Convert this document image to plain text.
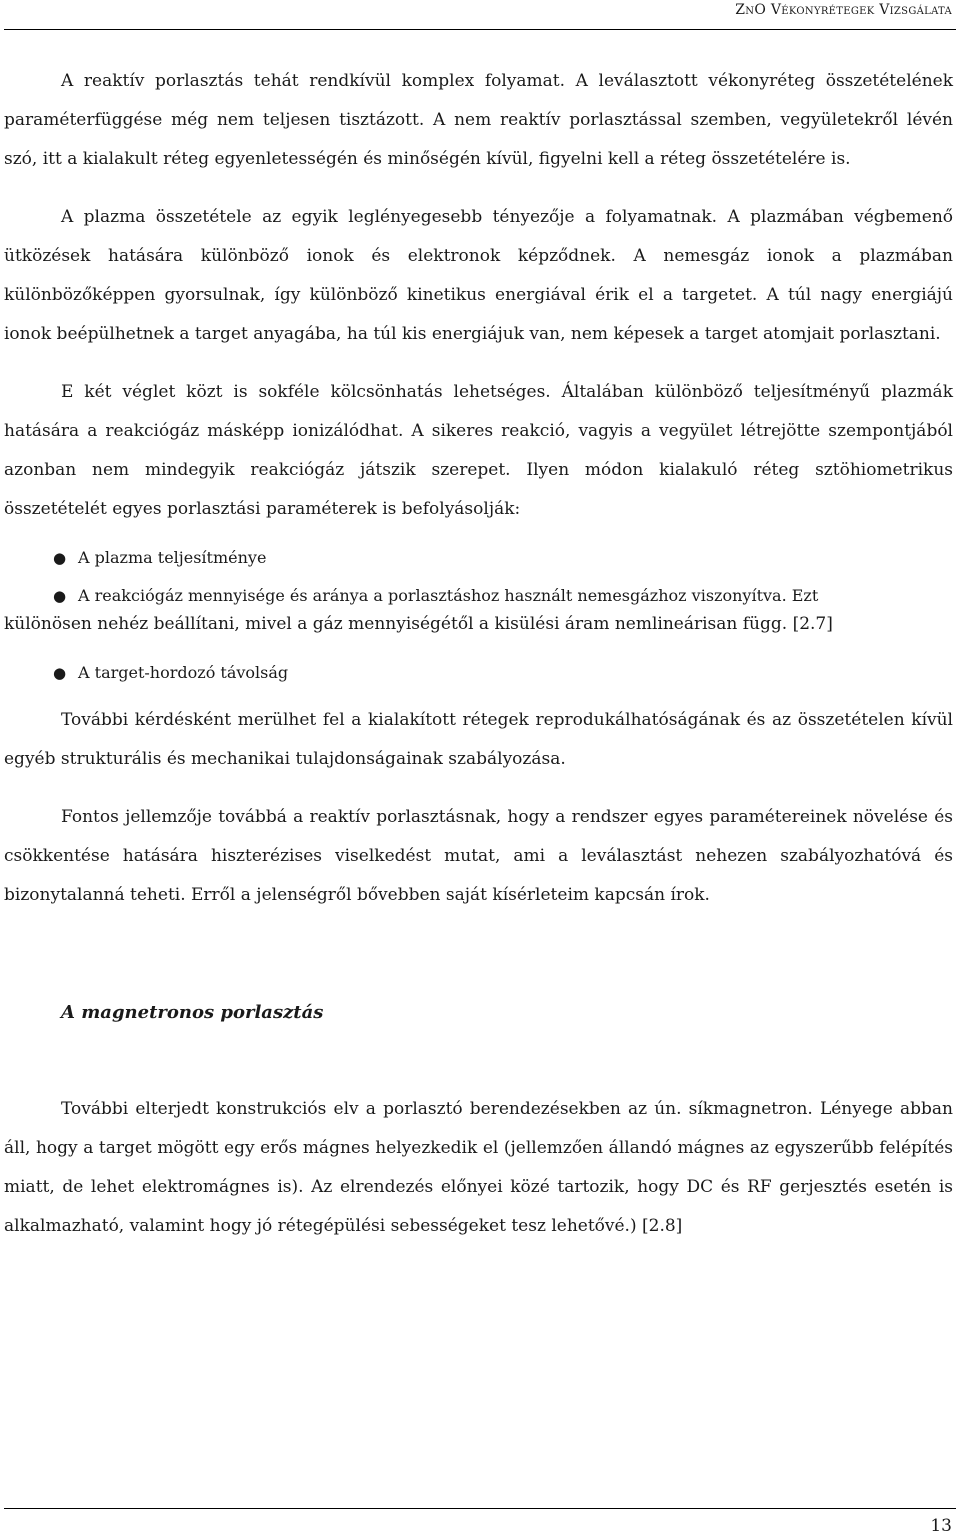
ZnO Vékonyrétegek Vizsgálata

A reaktív porlasztás tehát rendkívül komplex folyamat. A leválasztott vékonyréteg összetételének paraméterfüggése még nem teljesen tisztázott. A nem reaktív porlasztással szemben, vegyületekről lévén szó, itt a kialakult réteg egyenletességén és minőségén kívül, figyelni kell a réteg összetételére is.

A plazma összetétele az egyik leglényegesebb tényezője a folyamatnak. A plazmában végbemenő ütközések hatására különböző ionok és elektronok képződnek. A nemesgáz ionok a plazmában különbözőképpen gyorsulnak, így különböző kinetikus energiával érik el a targetet. A túl nagy energiájú ionok beépülhetnek a target anyagába, ha túl kis energiájuk van, nem képesek a target atomjait porlasztani.

E két véglet közt is sokféle kölcsönhatás lehetséges. Általában különböző teljesítményű plazmák hatására a reakciógáz másképp ionizálódhat. A sikeres reakció, vagyis a vegyület létrejötte szempontjából azonban nem mindegyik reakciógáz játszik szerepet. Ilyen módon kialakuló réteg sztöhiometrikus összetételét egyes porlasztási paraméterek is befolyásolják:

● A plazma teljesítménye
● A reakciógáz mennyisége és aránya a porlasztáshoz használt nemesgázhoz viszonyítva. Ezt

különösen nehéz beállítani, mivel a gáz mennyiségétől a kisülési áram nemlineárisan függ. [2.7]

● A target-hordozó távolság

További kérdésként merülhet fel a kialakított rétegek reprodukálhatóságának és az összetételen kívül egyéb strukturális és mechanikai tulajdonságainak szabályozása.

Fontos jellemzője továbbá a reaktív porlasztásnak, hogy a rendszer egyes paramétereinek növelése és csökkentése hatására hiszterézises viselkedést mutat, ami a leválasztást nehezen szabályozhatóvá és bizonytalanná teheti. Erről a jelenségről bővebben saját kísérleteim kapcsán írok.

A magnetronos porlasztás

További elterjedt konstrukciós elv a porlasztó berendezésekben az ún. síkmagnetron. Lényege abban áll, hogy a target mögött egy erős mágnes helyezkedik el (jellemzően állandó mágnes az egyszerűbb felépítés miatt, de lehet elektromágnes is). Az elrendezés előnyei közé tartozik, hogy DC és RF gerjesztés esetén is alkalmazható, valamint hogy jó rétegépülési sebességeket tesz lehetővé.) [2.8]

13
